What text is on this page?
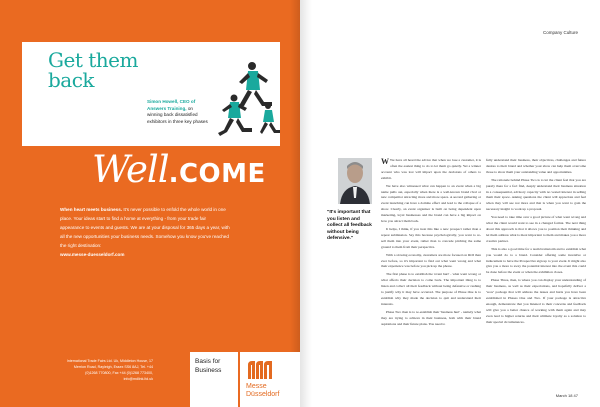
Well.COME
When heart meets business. It's never possible to enfold the whole world in one place. Your ideas start to find a home at everything - from your trade fair appearance to events and guests. We are at your disposal for 365 days a year, with all the new opportunities your business needs. Somehow you know you've reached the right destination:
www.messe-duesseldorf.com
International Trade Fairs Ltd. Uk, Middleton House, 17 Merrion Road, Rayleigh, Essex SS6 8AJ, Tel. +44 (0)1268 770800, Fax +44 (0)1268 773400, info@mdlink.ltd.uk
Basis for
Business
Messe
Düsseldorf
Company Culture
Get them
back
Simon Howell, CEO of Answers Training, on winning back dissatisfied exhibitors in three key phases
"It's important that you listen and collect all feedback without being defensive."

W We have all heard the advice that when we lose a customer, it is often the easiest thing to do to let them go quietly. Yet a winner account who was lost will impact upon the decisions of others to exhibit.

We have also witnessed what can happen to an event when a big name pulls out, especially when there is a well-known brand rival or new competitor attracting more and more space. A second gathering or event launching can have a domino effect and lead to the collapse of a show. Clearly, an event organiser is built on being dependent upon marketing, loyal businesses and the brand can have a big impact on how you attract them back.

It helps, I think, if you treat this like a new prospect rather than a repeat submission. Say this because psychologically, you want to re-sell them into your event, rather than to concede pitching the same ground to them from their perspective.

With a slowing economy, customers are more focused on ROI than ever before, so it's important to find out what went wrong and what their experience was before you pick up the phone.

The first phase is to establish the 'event hurt' - what went wrong or what affects their decision to come back. The important thing is to listen and collect all their feedback without being defensive or rushing to justify why it may have occurred. The purpose of Phase One is to establish why they made the decision to quit and understand their interests.

Phase Two then is to re-establish their 'business hurt' - namely what they are trying to achieve in their business, both with their brand aspirations and their future plans. You need to

fully understand their business, their objectives, challenges and future desires to their brand and whether your show can help them overcome those to show them your outstanding value and opportunities.

The rationale behind Phase Two is to let the client feel that you are purely there for a fact find, deeply understand their business situation in a consequential, advisory capacity with no vested interest in selling them their space. Asking questions the client will appreciate and feel when they will see not more and that is when you want to gain the necessary insight to work up a proposal.

You need to take time over a good picture of what went wrong and what the client would want to see in a changed format. The next thing about this approach is that it allows you to position their thinking and let them address what is most important to them and makes you a more creative partner.

This is also a good time for a team brainstorm and to establish what you would do to a brand. Consider offering some incentive or inducement to have the Prospective sign up to your event. It might also give you a more to sway the potential interest into the event this could be done before the event or when the exhibition closes.

Phase Three, then, is where you can display your understanding of their business, as well as their expectations, and hopefully deliver a 'wow' package that will address the issues and hurts you have been established in Phases One and Two. If your package is attractive enough, demonstrate that you listened to their concerns and feedback will give you a better chance of working with them again and may even lead to higher returns and their ultimate loyalty as a solution to their special circumstances.

March 18 47
